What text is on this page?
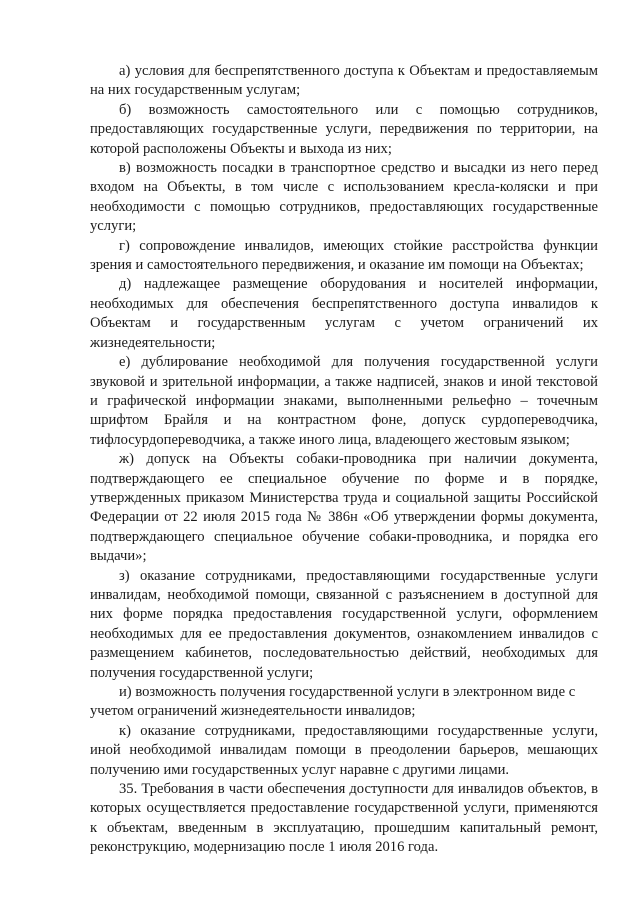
а) условия для беспрепятственного доступа к Объектам и предоставляемым на них государственным услугам;

б) возможность самостоятельного или с помощью сотрудников, предоставляющих государственные услуги, передвижения по территории, на которой расположены Объекты и выхода из них;

в) возможность посадки в транспортное средство и высадки из него перед входом на Объекты, в том числе с использованием кресла-коляски и при необходимости с помощью сотрудников, предоставляющих государственные услуги;

г) сопровождение инвалидов, имеющих стойкие расстройства функции зрения и самостоятельного передвижения, и оказание им помощи на Объектах;

д) надлежащее размещение оборудования и носителей информации, необходимых для обеспечения беспрепятственного доступа инвалидов к Объектам и государственным услугам с учетом ограничений их жизнедеятельности;

е) дублирование необходимой для получения государственной услуги звуковой и зрительной информации, а также надписей, знаков и иной текстовой и графической информации знаками, выполненными рельефно – точечным шрифтом Брайля и на контрастном фоне, допуск сурдопереводчика, тифлосурдопереводчика, а также иного лица, владеющего жестовым языком;

ж) допуск на Объекты собаки-проводника при наличии документа, подтверждающего ее специальное обучение по форме и в порядке, утвержденных приказом Министерства труда и социальной защиты Российской Федерации от 22 июля 2015 года № 386н «Об утверждении формы документа, подтверждающего специальное обучение собаки-проводника, и порядка его выдачи»;

з) оказание сотрудниками, предоставляющими государственные услуги инвалидам, необходимой помощи, связанной с разъяснением в доступной для них форме порядка предоставления государственной услуги, оформлением необходимых для ее предоставления документов, ознакомлением инвалидов с размещением кабинетов, последовательностью действий, необходимых для получения государственной услуги;

и) возможность получения государственной услуги в электронном виде с

учетом ограничений жизнедеятельности инвалидов;

к) оказание сотрудниками, предоставляющими государственные услуги, иной необходимой инвалидам помощи в преодолении барьеров, мешающих получению ими государственных услуг наравне с другими лицами.

35. Требования в части обеспечения доступности для инвалидов объектов, в которых осуществляется предоставление государственной услуги, применяются к объектам, введенным в эксплуатацию, прошедшим капитальный ремонт, реконструкцию, модернизацию после 1 июля 2016 года.
